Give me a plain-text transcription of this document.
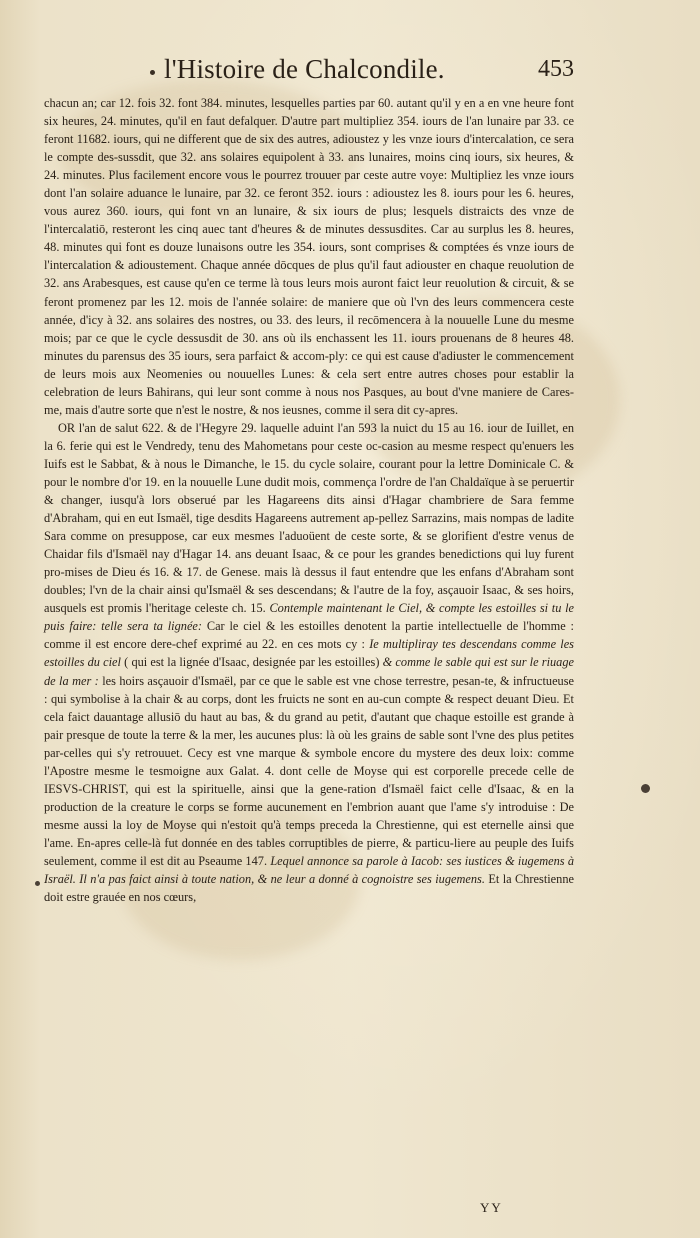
l'Histoire de Chalcondile.	453

chacun an; car 12. fois 32. font 384. minutes, lesquelles parties par 60. autant qu'il y en a en vne heure font six heures, 24. minutes, qu'il en faut defalquer. D'autre part multipliez 354. iours de l'an lunaire par 33. ce feront 11682. iours, qui ne different que de six des autres, adioustez y les vnze iours d'intercalation, ce sera le compte des-sussdit, que 32. ans solaires equipolent à 33. ans lunaires, moins cinq iours, six heures, & 24. minutes. Plus facilement encore vous le pourrez trouuer par ceste autre voye: Multipliez les vnze iours dont l'an solaire aduance le lunaire, par 32. ce feront 352. iours : adioustez les 8. iours pour les 6. heures, vous aurez 360. iours, qui font vn an lunaire, & six iours de plus; lesquels distraicts des vnze de l'intercalatiō, resteront les cinq auec tant d'heures & de minutes dessusdites. Car au surplus les 8. heures, 48. minutes qui font es douze lunaisons outre les 354. iours, sont comprises & comptées és vnze iours de l'intercalation & adioustement. Chaque année dōcques de plus qu'il faut adiouster en chaque reuolution de 32. ans Arabesques, est cause qu'en ce terme là tous leurs mois auront faict leur reuolution & circuit, & se feront promenez par les 12. mois de l'année solaire: de maniere que où l'vn des leurs commencera ceste année, d'icy à 32. ans solaires des nostres, ou 33. des leurs, il recōmencera à la nouuelle Lune du mesme mois; par ce que le cycle dessusdit de 30. ans où ils enchassent les 11. iours prouenans de 8 heures 48. minutes du parensus des 35 iours, sera parfaict & accom-ply: ce qui est cause d'adiuster le commencement de leurs mois aux Neomenies ou nouuelles Lunes: & cela sert entre autres choses pour establir la celebration de leurs Bahirans, qui leur sont comme à nous nos Pasques, au bout d'vne maniere de Cares-me, mais d'autre sorte que n'est le nostre, & nos ieusnes, comme il sera dit cy-apres.

OR l'an de salut 622. & de l'Hegyre 29. laquelle aduint l'an 593 la nuict du 15 au 16. iour de Iuillet, en la 6. ferie qui est le Vendredy, tenu des Mahometans pour ceste oc-casion au mesme respect qu'enuers les Iuifs est le Sabbat, & à nous le Dimanche, le 15. du cycle solaire, courant pour la lettre Dominicale C. & pour le nombre d'or 19. en la nouuelle Lune dudit mois, commença l'ordre de l'an Chaldaïque à se peruertir & changer, iusqu'à lors obserué par les Hagareens dits ainsi d'Hagar chambriere de Sara femme d'Abraham, qui en eut Ismaël, tige desdits Hagareens autrement ap-pellez Sarrazins, mais nompas de ladite Sara comme on presuppose, car eux mesmes l'aduoüent de ceste sorte, & se glorifient d'estre venus de Chaidar fils d'Ismaël nay d'Hagar 14. ans deuant Isaac, & ce pour les grandes benedictions qui luy furent pro-mises de Dieu és 16. & 17. de Genese. mais là dessus il faut entendre que les enfans d'Abraham sont doubles; l'vn de la chair ainsi qu'Ismaël & ses descendans; & l'autre de la foy, asçauoir Isaac, & ses hoirs, ausquels est promis l'heritage celeste ch. 15. Contemple maintenant le Ciel, & compte les estoilles si tu le puis faire: telle sera ta lignée: Car le ciel & les estoilles denotent la partie intellectuelle de l'homme : comme il est encore dere-chef exprimé au 22. en ces mots cy : Ie multipliray tes descendans comme les estoilles du ciel ( qui est la lignée d'Isaac, designée par les estoilles) & comme le sable qui est sur le riuage de la mer : les hoirs asçauoir d'Ismaël, par ce que le sable est vne chose terrestre, pesan-te, & infructueuse : qui symbolise à la chair & au corps, dont les fruicts ne sont en au-cun compte & respect deuant Dieu. Et cela faict dauantage allusiō du haut au bas, & du grand au petit, d'autant que chaque estoille est grande à pair presque de toute la terre & la mer, les aucunes plus: là où les grains de sable sont l'vne des plus petites par-celles qui s'y retrouuet. Cecy est vne marque & symbole encore du mystere des deux loix: comme l'Apostre mesme le tesmoigne aux Galat. 4. dont celle de Moyse qui est corporelle precede celle de IESVS-CHRIST, qui est la spirituelle, ainsi que la gene-ration d'Ismaël faict celle d'Isaac, & en la production de la creature le corps se forme aucunement en l'embrion auant que l'ame s'y introduise : De mesme aussi la loy de Moyse qui n'estoit qu'à temps preceda la Chrestienne, qui est eternelle ainsi que l'ame. En-apres celle-là fut donnée en des tables corruptibles de pierre, & particu-liere au peuple des Iuifs seulement, comme il est dit au Pseaume 147. Lequel annonce sa parole à Iacob: ses iustices & iugemens à Israël. Il n'a pas faict ainsi à toute nation, & ne leur a donné à cognoistre ses iugemens. Et la Chrestienne doit estre grauée en nos cœurs,

YY
